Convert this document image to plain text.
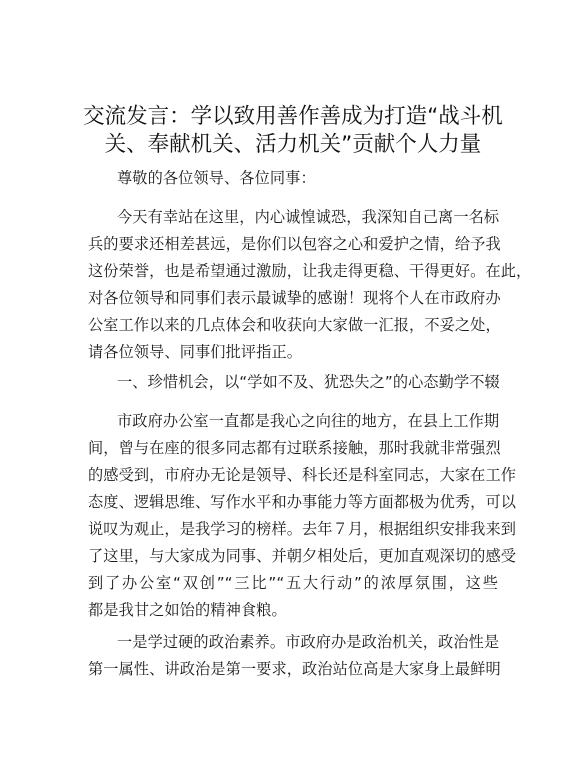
交流发言：学以致用善作善成为打造“战斗机
关、奉献机关、活力机关”贡献个人力量
尊敬的各位领导、各位同事：
今天有幸站在这里，内心诚惶诚恐，我深知自己离一名标
兵的要求还相差甚远，是你们以包容之心和爱护之情，给予我
这份荣誉，也是希望通过激励，让我走得更稳、干得更好。在此，
对各位领导和同事们表示最诚挚的感谢！现将个人在市政府办
公室工作以来的几点体会和收获向大家做一汇报，不妥之处，
请各位领导、同事们批评指正。
一、珍惜机会，以“学如不及、犹恐失之”的心态勤学不辍
市政府办公室一直都是我心之向往的地方，在县上工作期
间，曾与在座的很多同志都有过联系接触，那时我就非常强烈
的感受到，市府办无论是领导、科长还是科室同志，大家在工作
态度、逻辑思维、写作水平和办事能力等方面都极为优秀，可以
说叹为观止，是我学习的榜样。去年７月，根据组织安排我来到
了这里，与大家成为同事、并朝夕相处后，更加直观深切的感受
到了办公室“双创”“三比”“五大行动”的浓厚氛围，这些
都是我甘之如饴的精神食粮。
一是学过硬的政治素养。市政府办是政治机关，政治性是
第一属性、讲政治是第一要求，政治站位高是大家身上最鲜明
